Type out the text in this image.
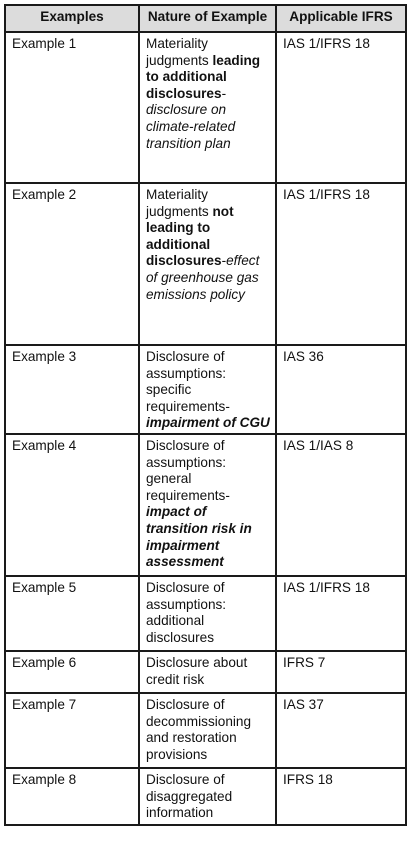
Examples	Nature of Example	Applicable IFRS
Example 1	Materiality judgments leading to additional disclosures-disclosure on climate-related transition plan	IAS 1/IFRS 18
Example 2	Materiality judgments not leading to additional disclosures-effect of greenhouse gas emissions policy	IAS 1/IFRS 18
Example 3	Disclosure of assumptions: specific requirements-impairment of CGU	IAS 36
Example 4	Disclosure of assumptions: general requirements-impact of transition risk in impairment assessment	IAS 1/IAS 8
Example 5	Disclosure of assumptions: additional disclosures	IAS 1/IFRS 18
Example 6	Disclosure about credit risk	IFRS 7
Example 7	Disclosure of decommissioning and restoration provisions	IAS 37
Example 8	Disclosure of disaggregated information	IFRS 18
